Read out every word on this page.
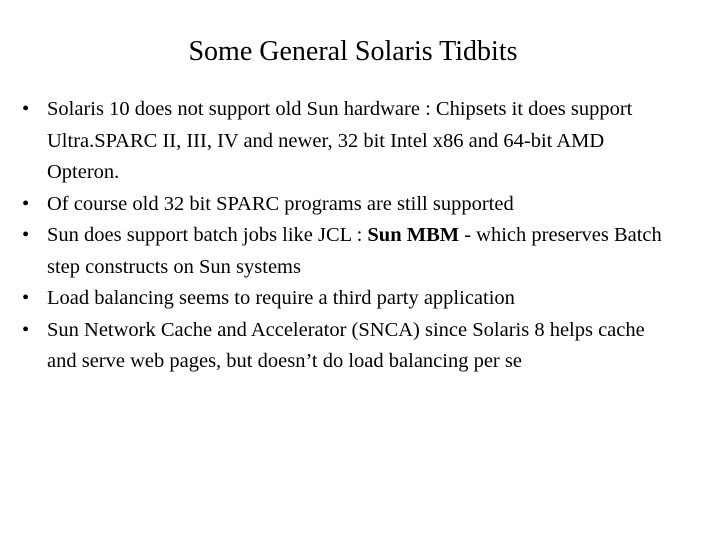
Some General Solaris Tidbits
• Solaris 10 does not support old Sun hardware : Chipsets it does support Ultra.SPARC II, III, IV and newer, 32 bit Intel x86 and 64-bit AMD Opteron.
• Of course old 32 bit SPARC programs are still supported
• Sun does support batch jobs like JCL : Sun MBM - which preserves Batch step constructs on Sun systems
• Load balancing seems to require a third party application
• Sun Network Cache and Accelerator (SNCA) since Solaris 8 helps cache and serve web pages, but doesn’t do load balancing per se
